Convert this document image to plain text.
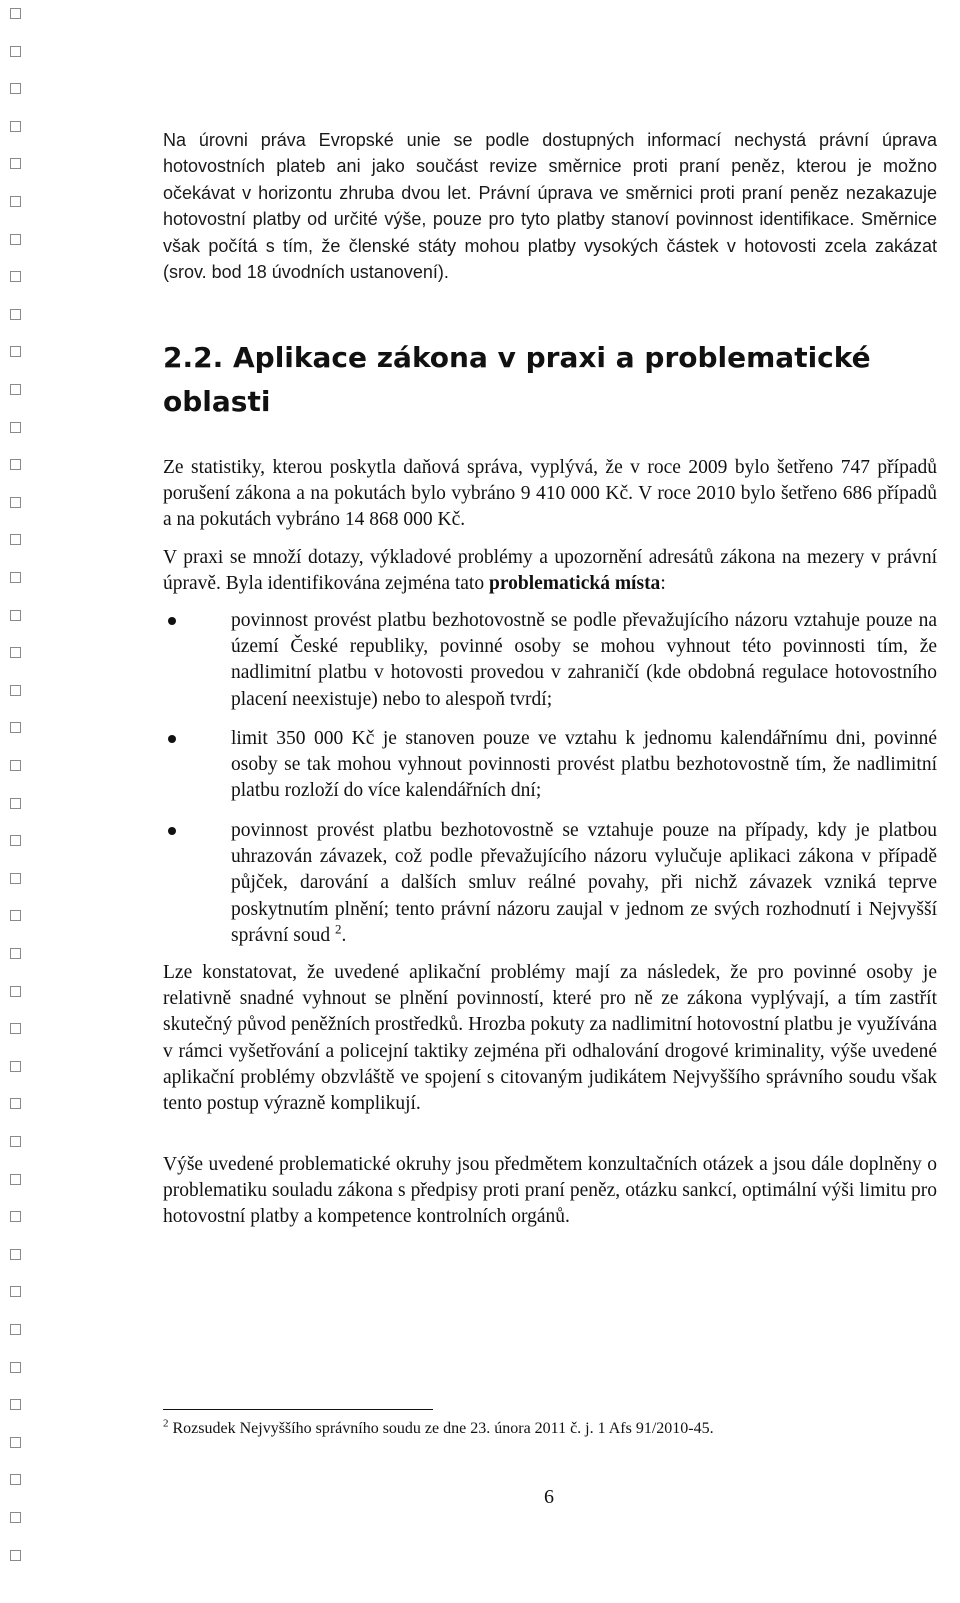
Na úrovni práva Evropské unie se podle dostupných informací nechystá právní úprava hotovostních plateb ani jako součást revize směrnice proti praní peněz, kterou je možno očekávat v horizontu zhruba dvou let. Právní úprava ve směrnici proti praní peněz nezakazuje hotovostní platby od určité výše, pouze pro tyto platby stanoví povinnost identifikace. Směrnice však počítá s tím, že členské státy mohou platby vysokých částek v hotovosti zcela zakázat (srov. bod 18 úvodních ustanovení).

2.2. Aplikace zákona v praxi a problematické oblasti

Ze statistiky, kterou poskytla daňová správa, vyplývá, že v roce 2009 bylo šetřeno 747 případů porušení zákona a na pokutách bylo vybráno 9 410 000 Kč. V roce 2010 bylo šetřeno 686 případů a na pokutách vybráno 14 868 000 Kč.

V praxi se množí dotazy, výkladové problémy a upozornění adresátů zákona na mezery v právní úpravě. Byla identifikována zejména tato problematická místa:

povinnost provést platbu bezhotovostně se podle převažujícího názoru vztahuje pouze na území České republiky, povinné osoby se mohou vyhnout této povinnosti tím, že nadlimitní platbu v hotovosti provedou v zahraničí (kde obdobná regulace hotovostního placení neexistuje) nebo to alespoň tvrdí;
limit 350 000 Kč je stanoven pouze ve vztahu k jednomu kalendářnímu dni, povinné osoby se tak mohou vyhnout povinnosti provést platbu bezhotovostně tím, že nadlimitní platbu rozloží do více kalendářních dní;
povinnost provést platbu bezhotovostně se vztahuje pouze na případy, kdy je platbou uhrazován závazek, což podle převažujícího názoru vylučuje aplikaci zákona v případě půjček, darování a dalších smluv reálné povahy, při nichž závazek vzniká teprve poskytnutím plnění; tento právní názoru zaujal v jednom ze svých rozhodnutí i Nejvyšší správní soud $^2$.

Lze konstatovat, že uvedené aplikační problémy mají za následek, že pro povinné osoby je relativně snadné vyhnout se plnění povinností, které pro ně ze zákona vyplývají, a tím zastřít skutečný původ peněžních prostředků. Hrozba pokuty za nadlimitní hotovostní platbu je využívána v rámci vyšetřování a policejní taktiky zejména při odhalování drogové kriminality, výše uvedené aplikační problémy obzvláště ve spojení s citovaným judikátem Nejvyššího správního soudu však tento postup výrazně komplikují.

Výše uvedené problematické okruhy jsou předmětem konzultačních otázek a jsou dále doplněny o problematiku souladu zákona s předpisy proti praní peněz, otázku sankcí, optimální výši limitu pro hotovostní platby a kompetence kontrolních orgánů.

$^2$ Rozsudek Nejvyššího správního soudu ze dne 23. února 2011 č. j. 1 Afs 91/2010-45.

6
